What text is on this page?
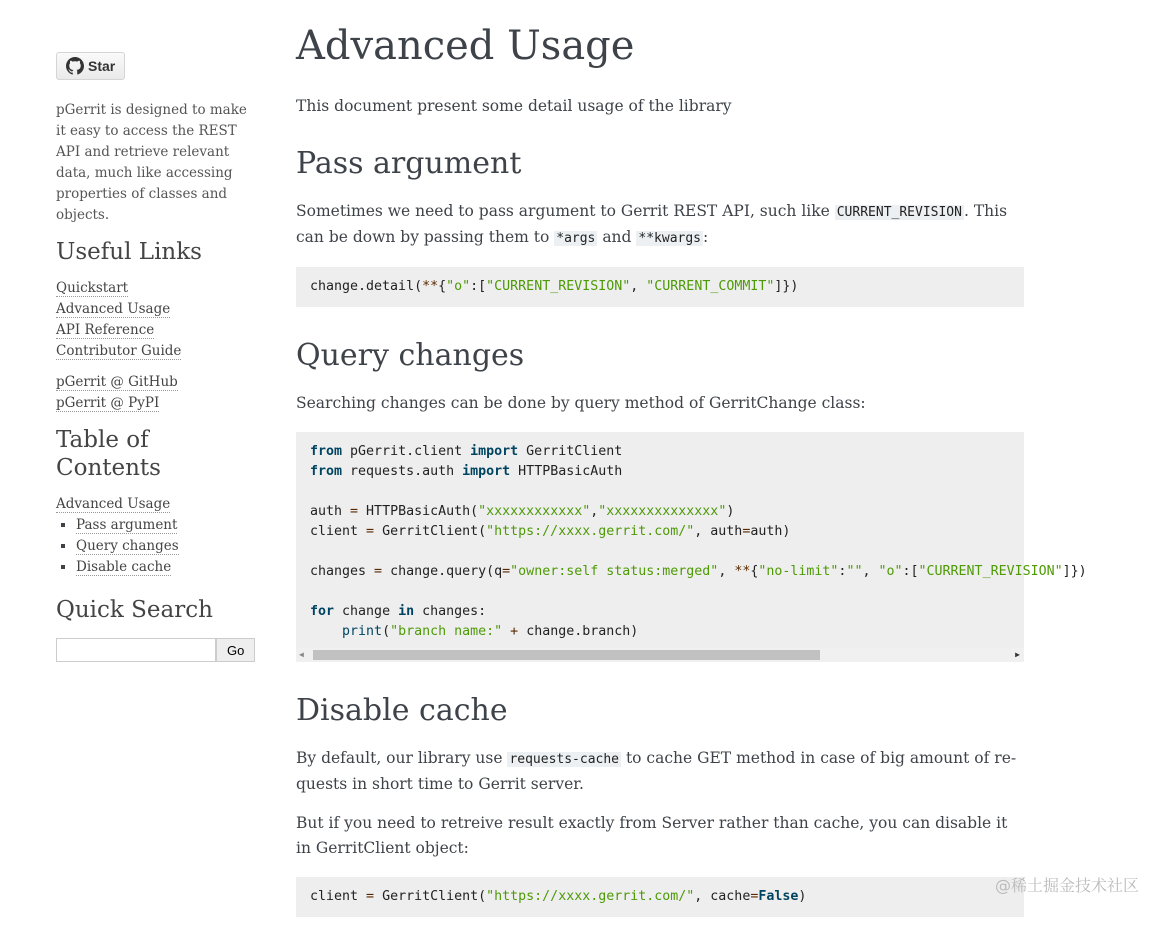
Star

pGerrit is designed to make it easy to access the REST API and retrieve relevant data, much like accessing properties of classes and objects.

Useful Links
Quickstart
Advanced Usage
API Reference
Contributor Guide
pGerrit @ GitHub
pGerrit @ PyPI
Table of Contents
Advanced Usage
▪ Pass argument
▪ Query changes
▪ Disable cache
Quick Search
Go
Advanced Usage

This document present some detail usage of the library

Pass argument

Sometimes we need to pass argument to Gerrit REST API, such like CURRENT_REVISION . This can be down by passing them to *args and **kwargs :

change.detail(**{"o":["CURRENT_REVISION", "CURRENT_COMMIT"]})
Query changes

Searching changes can be done by query method of GerritChange class:

from pGerrit.client import GerritClient
from requests.auth import HTTPBasicAuth

auth = HTTPBasicAuth("xxxxxxxxxxxx","xxxxxxxxxxxxxx")
client = GerritClient("https://xxxx.gerrit.com/", auth=auth)

changes = change.query(q="owner:self status:merged", **{"no-limit":"", "o":["CURRENT_REVISION"]})

for change in changes:
print("branch name:" + change.branch)

◀	▶
Disable cache

By default, our library use requests-cache to cache GET method in case of big amount of re-quests in short time to Gerrit server.

But if you need to retreive result exactly from Server rather than cache, you can disable it in GerritClient object:

client = GerritClient("https://xxxx.gerrit.com/", cache=False)
@稀土掘金技术社区
